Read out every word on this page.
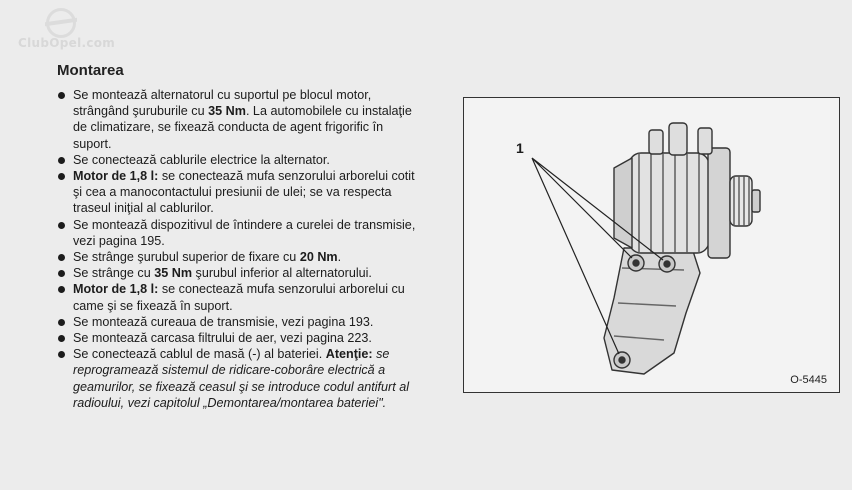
ClubOpel.com
Montarea
Se montează alternatorul cu suportul pe blocul motor, strângând şuruburile cu 35 Nm. La automobilele cu instalaţie de climatizare, se fixează conducta de agent frigorific în suport.
Se conectează cablurile electrice la alternator.
Motor de 1,8 l: se conectează mufa senzorului arborelui cotit şi cea a manocontactului presiunii de ulei; se va respecta traseul iniţial al cablurilor.
Se montează dispozitivul de întindere a curelei de transmisie, vezi pagina 195.
Se strânge şurubul superior de fixare cu 20 Nm.
Se strânge cu 35 Nm şurubul inferior al alternatorului.
Motor de 1,8 l: se conectează mufa senzorului arborelui cu came şi se fixează în suport.
Se montează cureaua de transmisie, vezi pagina 193.
Se montează carcasa filtrului de aer, vezi pagina 223.
Se conectează cablul de masă (-) al bateriei. Atenţie: se reprogramează sistemul de ridicare-coborâre electrică a geamurilor, se fixează ceasul şi se introduce codul antifurt al radioului, vezi capitolul „Demontarea/montarea bateriei".
1
O-5445
